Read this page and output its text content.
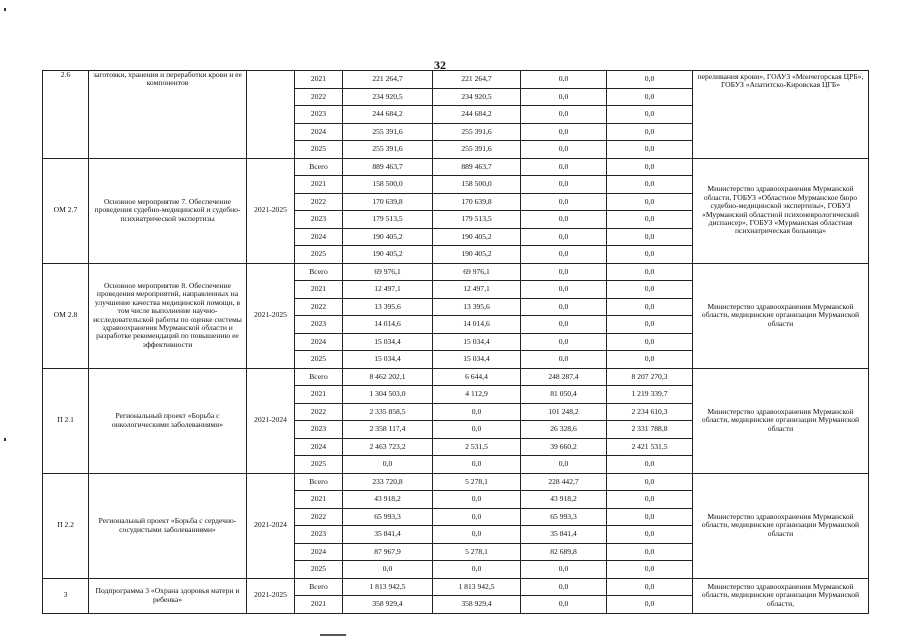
32
2.6	заготовки, хранения и переработки крови и ее компонентов		2021	221 264,7	221 264,7	0,0	0,0	переливания крови», ГОАУЗ «Мончегорская ЦРБ», ГОБУЗ «Апатитско-Кировская ЦГБ»
			2022	234 920,5	234 920,5	0,0	0,0	
			2023	244 684,2	244 684,2	0,0	0,0	
			2024	255 391,6	255 391,6	0,0	0,0	
			2025	255 391,6	255 391,6	0,0	0,0	
ОМ 2.7	Основное мероприятие 7. Обеспечение проведения судебно-медицинской и судебно-психиатрической экспертизы	2021-2025	Всего	889 463,7	889 463,7	0,0	0,0	Министерство здравоохранения Мурманской области, ГОБУЗ «Областное Мурманское бюро судебно-медицинской экспертизы», ГОБУЗ «Мурманский областной психоневрологический диспансер», ГОБУЗ «Мурманская областная психиатрическая больница»
			2021	158 500,0	158 500,0	0,0	0,0	
			2022	170 639,8	170 639,8	0,0	0,0	
			2023	179 513,5	179 513,5	0,0	0,0	
			2024	190 405,2	190 405,2	0,0	0,0	
			2025	190 405,2	190 405,2	0,0	0,0	
ОМ 2.8	Основное мероприятие 8. Обеспечение проведения мероприятий, направленных на улучшение качества медицинской помощи, в том числе выполнение научно-исследовательской работы по оценке системы здравоохранения Мурманской области и разработке рекомендаций по повышению ее эффективности	2021-2025	Всего	69 976,1	69 976,1	0,0	0,0	Министерство здравоохранения Мурманской области, медицинские организации Мурманской области
			2021	12 497,1	12 497,1	0,0	0,0	
			2022	13 395,6	13 395,6	0,0	0,0	
			2023	14 014,6	14 014,6	0,0	0,0	
			2024	15 034,4	15 034,4	0,0	0,0	
			2025	15 034,4	15 034,4	0,0	0,0	
П 2.1	Региональный проект «Борьба с онкологическими заболеваниями»	2021-2024	Всего	8 462 202,1	6 644,4	248 287,4	8 207 270,3	Министерство здравоохранения Мурманской области, медицинские организации Мурманской области
			2021	1 304 503,0	4 112,9	81 050,4	1 219 339,7	
			2022	2 335 858,5	0,0	101 248,2	2 234 610,3	
			2023	2 358 117,4	0,0	26 328,6	2 331 788,8	
			2024	2 463 723,2	2 531,5	39 660,2	2 421 531,5	
			2025	0,0	0,0	0,0	0,0	
П 2.2	Региональный проект «Борьба с сердечно-сосудистыми заболеваниями»	2021-2024	Всего	233 720,8	5 278,1	228 442,7	0,0	Министерство здравоохранения Мурманской области, медицинские организации Мурманской области
			2021	43 918,2	0,0	43 918,2	0,0	
			2022	65 993,3	0,0	65 993,3	0,0	
			2023	35 841,4	0,0	35 841,4	0,0	
			2024	87 967,9	5 278,1	82 689,8	0,0	
			2025	0,0	0,0	0,0	0,0	
3	Подпрограмма 3 «Охрана здоровья матери и ребенка»	2021-2025	Всего	1 813 942,5	1 813 942,5	0,0	0,0	Министерство здравоохранения Мурманской области, медицинские организации Мурманской области,
			2021	358 929,4	358 929,4	0,0	0,0	
